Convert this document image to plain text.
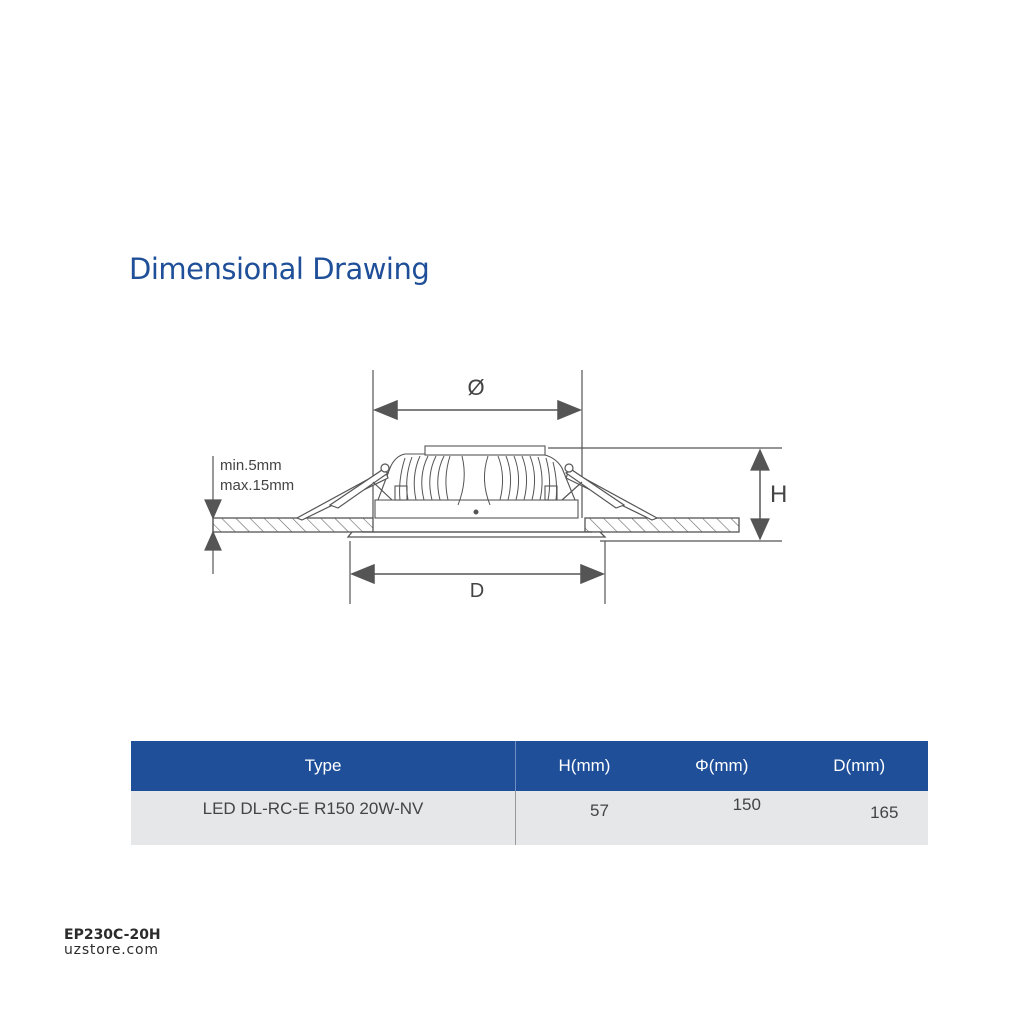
Dimensional Drawing
Ø
H
min.5mm
max.15mm
D
Type	H(mm)	Φ(mm)	D(mm)
LED DL-RC-E R150 20W-NV	57	150	165
EP230C-20H
uzstore.com
